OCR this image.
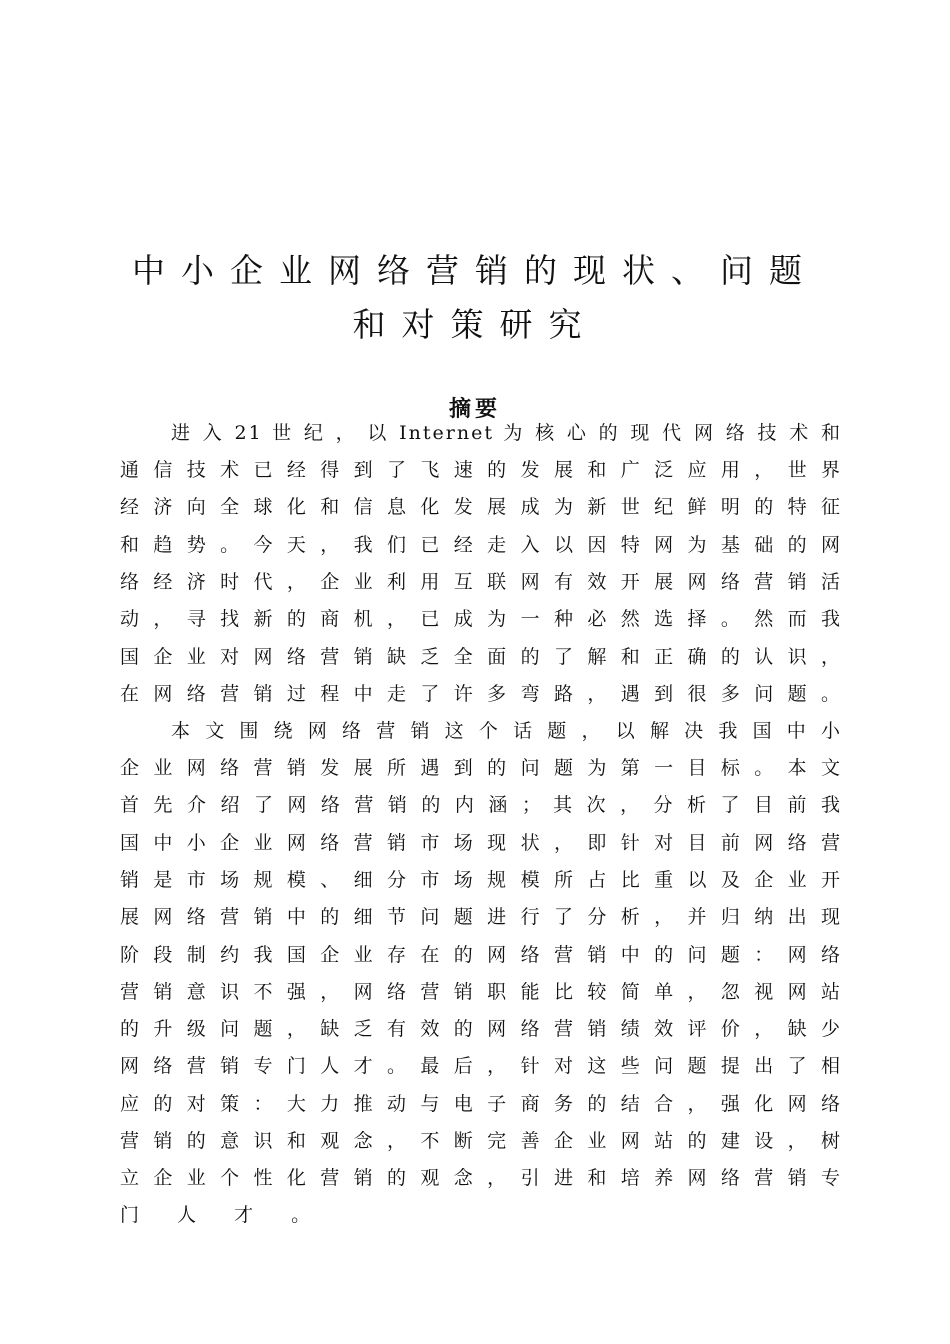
中小企业网络营销的现状、问题
和对策研究
摘要
进 入 21 世 纪 ， 以 Internet 为 核 心 的 现 代 网 络 技 术 和
通 信 技 术 已 经 得 到 了 飞 速 的 发 展 和 广 泛 应 用 ， 世 界
经 济 向 全 球 化 和 信 息 化 发 展 成 为 新 世 纪 鲜 明 的 特 征
和 趋 势 。 今 天 ， 我 们 已 经 走 入 以 因 特 网 为 基 础 的 网
络 经 济 时 代 ， 企 业 利 用 互 联 网 有 效 开 展 网 络 营 销 活
动 ， 寻 找 新 的 商 机 ， 已 成 为 一 种 必 然 选 择 。 然 而 我
国 企 业 对 网 络 营 销 缺 乏 全 面 的 了 解 和 正 确 的 认 识 ，
在 网 络 营 销 过 程 中 走 了 许 多 弯 路 ， 遇 到 很 多 问 题 。
本 文 围 绕 网 络 营 销 这 个 话 题 ， 以 解 决 我 国 中 小
企 业 网 络 营 销 发 展 所 遇 到 的 问 题 为 第 一 目 标 。 本 文
首 先 介 绍 了 网 络 营 销 的 内 涵 ； 其 次 ， 分 析 了 目 前 我
国 中 小 企 业 网 络 营 销 市 场 现 状 ， 即 针 对 目 前 网 络 营
销 是 市 场 规 模 、 细 分 市 场 规 模 所 占 比 重 以 及 企 业 开
展 网 络 营 销 中 的 细 节 问 题 进 行 了 分 析 ， 并 归 纳 出 现
阶 段 制 约 我 国 企 业 存 在 的 网 络 营 销 中 的 问 题 ： 网 络
营 销 意 识 不 强 ， 网 络 营 销 职 能 比 较 简 单 ， 忽 视 网 站
的 升 级 问 题 ， 缺 乏 有 效 的 网 络 营 销 绩 效 评 价 ， 缺 少
网 络 营 销 专 门 人 才 。 最 后 ， 针 对 这 些 问 题 提 出 了 相
应 的 对 策 ： 大 力 推 动 与 电 子 商 务 的 结 合 ， 强 化 网 络
营 销 的 意 识 和 观 念 ， 不 断 完 善 企 业 网 站 的 建 设 ， 树
立 企 业 个 性 化 营 销 的 观 念 ， 引 进 和 培 养 网 络 营 销 专
门 人 才 。
